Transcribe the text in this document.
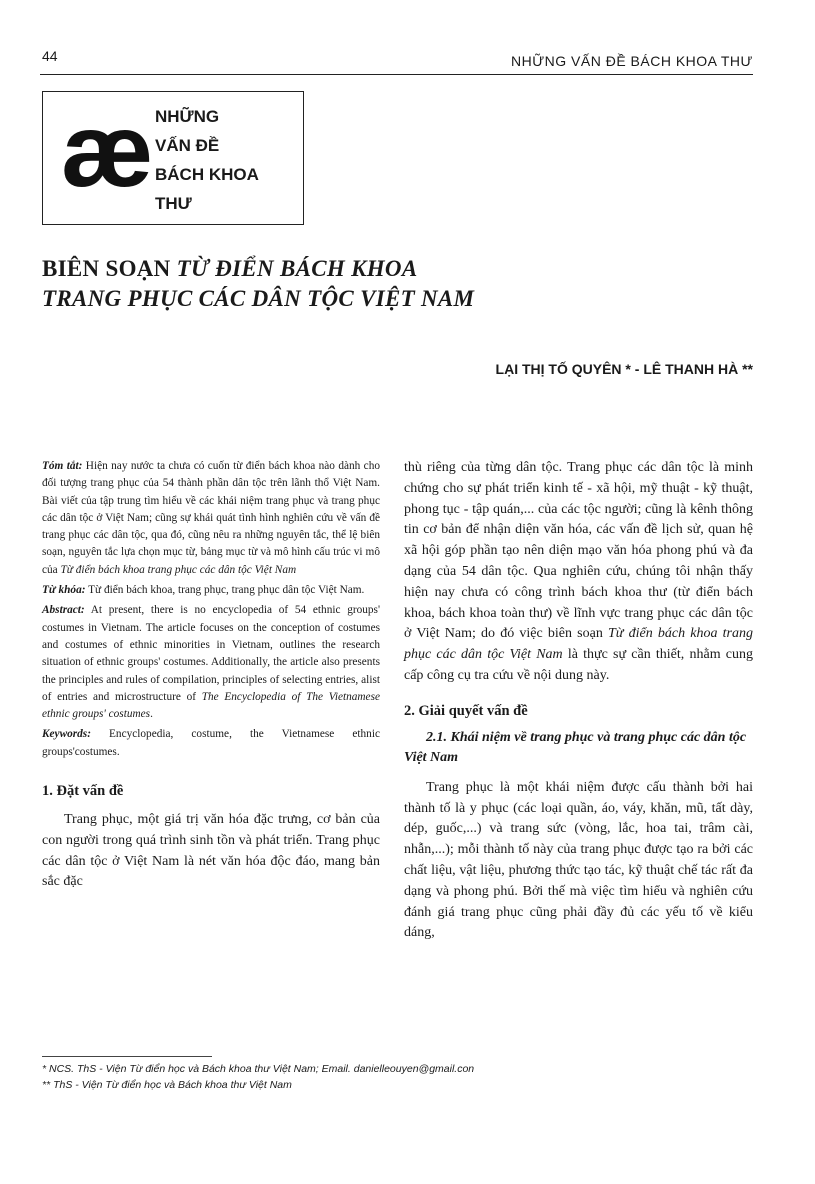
44	NHỮNG VẤN ĐỀ BÁCH KHOA THƯ
æ NHỮNG
VẤN ĐỀ
BÁCH KHOA
THƯ
BIÊN SOẠN TỪ ĐIỂN BÁCH KHOA
TRANG PHỤC CÁC DÂN TỘC VIỆT NAM
LẠI THỊ TỐ QUYÊN * - LÊ THANH HÀ **

Tóm tắt: Hiện nay nước ta chưa có cuốn từ điển bách khoa nào dành cho đối tượng trang phục của 54 thành phần dân tộc trên lãnh thổ Việt Nam. Bài viết của tập trung tìm hiểu về các khái niệm trang phục và trang phục các dân tộc ở Việt Nam; cũng sự khái quát tình hình nghiên cứu về vấn đề trang phục các dân tộc, qua đó, cũng nêu ra những nguyên tắc, thể lệ biên soạn, nguyên tắc lựa chọn mục từ, bảng mục từ và mô hình cấu trúc vi mô của Từ điển bách khoa trang phục các dân tộc Việt Nam

Từ khóa: Từ điển bách khoa, trang phục, trang phục dân tộc Việt Nam.

Abstract: At present, there is no encyclopedia of 54 ethnic groups' costumes in Vietnam. The article focuses on the conception of costumes and costumes of ethnic minorities in Vietnam, outlines the research situation of ethnic groups' costumes. Additionally, the article also presents the principles and rules of compilation, principles of selecting entries, alist of entries and microstructure of The Encyclopedia of The Vietnamese ethnic groups' costumes.

Keywords: Encyclopedia, costume, the Vietnamese ethnic groups'costumes.

1. Đặt vấn đề

Trang phục, một giá trị văn hóa đặc trưng, cơ bản của con người trong quá trình sinh tồn và phát triển. Trang phục các dân tộc ở Việt Nam là nét văn hóa độc đáo, mang bản sắc đặc

thù riêng của từng dân tộc. Trang phục các dân tộc là minh chứng cho sự phát triển kinh tế - xã hội, mỹ thuật - kỹ thuật, phong tục - tập quán,... của các tộc người; cũng là kênh thông tin cơ bản để nhận diện văn hóa, các vấn đề lịch sử, quan hệ xã hội góp phần tạo nên diện mạo văn hóa phong phú và đa dạng của 54 dân tộc. Qua nghiên cứu, chúng tôi nhận thấy hiện nay chưa có công trình bách khoa thư (từ điển bách khoa, bách khoa toàn thư) về lĩnh vực trang phục các dân tộc ở Việt Nam; do đó việc biên soạn Từ điển bách khoa trang phục các dân tộc Việt Nam là thực sự cần thiết, nhằm cung cấp công cụ tra cứu về nội dung này.

2. Giải quyết vấn đề
2.1. Khái niệm về trang phục và trang phục các dân tộc Việt Nam

Trang phục là một khái niệm được cấu thành bởi hai thành tố là y phục (các loại quần, áo, váy, khăn, mũ, tất dày, dép, guốc,...) và trang sức (vòng, lắc, hoa tai, trâm cài, nhẫn,...); mỗi thành tố này của trang phục được tạo ra bởi các chất liệu, vật liệu, phương thức tạo tác, kỹ thuật chế tác rất đa dạng và phong phú. Bởi thế mà việc tìm hiểu và nghiên cứu đánh giá trang phục cũng phải đầy đủ các yếu tố về kiểu dáng,

* NCS. ThS - Viện Từ điển học và Bách khoa thư Việt Nam; Email. danielleouyen@gmail.con
** ThS - Viện Từ điển học và Bách khoa thư Việt Nam
